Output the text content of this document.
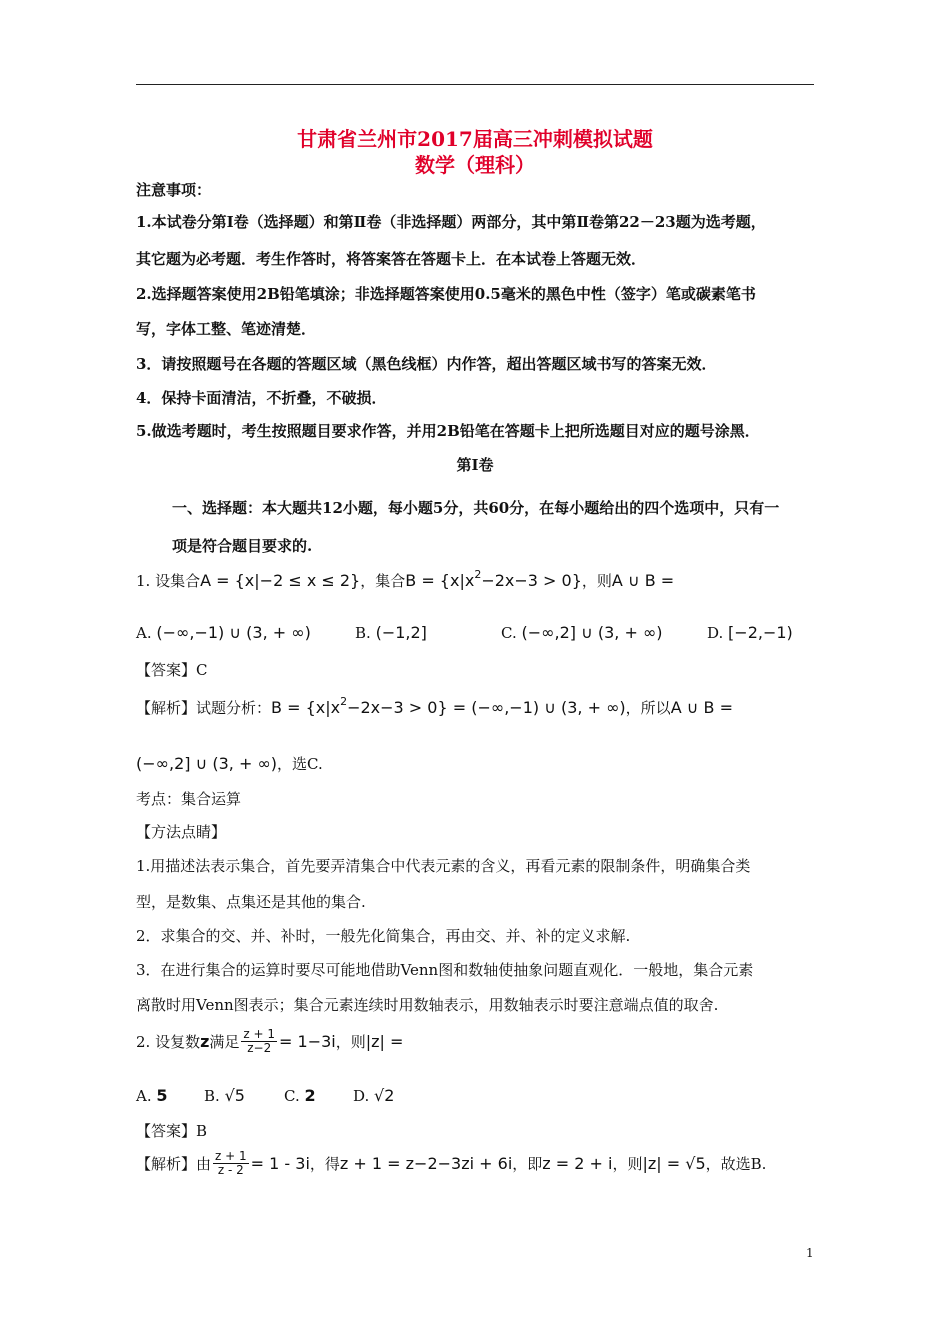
甘肃省兰州市2017届高三冲刺模拟试题
数学（理科）
注意事项：
1.本试卷分第Ⅰ卷（选择题）和第Ⅱ卷（非选择题）两部分，其中第Ⅱ卷第22－23题为选考题，
其它题为必考题．考生作答时，将答案答在答题卡上．在本试卷上答题无效．
2.选择题答案使用2B铅笔填涂；非选择题答案使用0.5毫米的黑色中性（签字）笔或碳素笔书
写，字体工整、笔迹清楚．
3．请按照题号在各题的答题区域（黑色线框）内作答，超出答题区域书写的答案无效．
4．保持卡面清洁，不折叠，不破损．
5.做选考题时，考生按照题目要求作答，并用2B铅笔在答题卡上把所选题目对应的题号涂黑．
第Ⅰ卷
一、选择题：本大题共12小题，每小题5分，共60分，在每小题给出的四个选项中，只有一
项是符合题目要求的.
1. 设集合A = {x|−2 ≤ x ≤ 2}，集合$B = \{x|x^2-2x-3 > 0\}$，则A ∪ B =
A. (−∞,−1) ∪ (3, + ∞)	B. (−1,2]	C. (−∞,2] ∪ (3, + ∞)	D. [−2,−1)
【答案】C
【解析】试题分析：$B = \{x|x^2-2x-3 > 0\} = (-\infty,-1)$ ∪ (3, + ∞)，所以A ∪ B =
(−∞,2] ∪ (3, + ∞)，选C.
考点：集合运算
【方法点睛】
1.用描述法表示集合，首先要弄清集合中代表元素的含义，再看元素的限制条件，明确集合类
型，是数集、点集还是其他的集合.
2．求集合的交、并、补时，一般先化简集合，再由交、并、补的定义求解.
3．在进行集合的运算时要尽可能地借助Venn图和数轴使抽象问题直观化．一般地，集合元素
离散时用Venn图表示；集合元素连续时用数轴表示，用数轴表示时要注意端点值的取舍.
2. 设复数 z 满足 $\frac{z + 1}{z-2} = 1-3i$ ，则 |z| =
A. 5 B. √5	C. 2 D. √2
【答案】B
【解析】 由 $\frac{z + 1}{z - 2} = 1 - 3i$ ，得 z + 1 = z−2−3zi + 6i ，即 z = 2 + i ，则 |z| = √5 ，故选B.
1
